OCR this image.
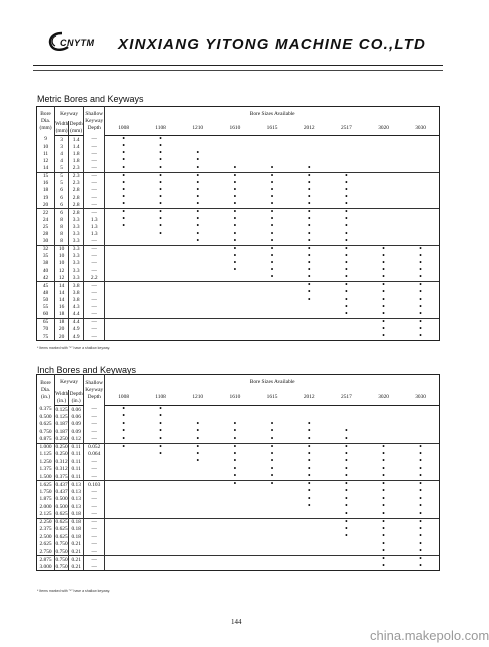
CNYTM XINXIANG YITONG MACHINE CO.,LTD
Metric Bores and Keyways
Bore Dia. (mm)	Keyway		Shallow Keyway Depth	Bore Sizes Available								
	Width (mm)	Depth (mm)		1008	1108	1210	1610	1615	2012	2517	3020	3030
9	3	1.4	—	•	•							
10	3	1.4	—	•	•							
11	4	1.8	—	•	•	•						
12	4	1.8	—	•	•	•						
14	5	2.3	—	•	•	•	•	•	•			
15	5	2.3	—	•	•	•	•	•	•	•		
16	5	2.3	—	•	•	•	•	•	•	•		
18	6	2.8	—	•	•	•	•	•	•	•		
19	6	2.8	—	•	•	•	•	•	•	•		
20	6	2.8	—	•	•	•	•	•	•	•		
22	6	2.8	—	•	•	•	•	•	•	•		
24	8	3.3	1.3	•	•	•	•	•	•	•		
25	8	3.3	1.3	•	•	•	•	•	•	•		
28	8	3.3	1.3		•	•	•	•	•	•		
30	8	3.3	—			•	•	•	•	•		
32	10	3.3	—				•	•	•	•	•	•
35	10	3.3	—				•	•	•	•	•	•
38	10	3.3	—				•	•	•	•	•	•
40	12	3.3	—				•	•	•	•	•	•
42	12	3.3	2.2					•	•	•	•	•
45	14	3.8	—						•	•	•	•
48	14	3.8	—						•	•	•	•
50	14	3.8	—						•	•	•	•
55	16	4.3	—							•	•	•
60	18	4.4	—							•	•	•
65	18	4.4	—								•	•
70	20	4.9	—								•	•
75	20	4.9	—								•	•
* Items marked with "*" have a shallow keyway.
Inch Bores and Keyways
Bore Dia. (in.)	Keyway		Shallow Keyway Depth	Bore Sizes Available								
	Width (in.)	Depth (in.)		1008	1108	1210	1610	1615	2012	2517	3020	3030
0.375	0.125	0.06	—	•	•							
0.500	0.125	0.06	—	•	•							
0.625	0.187	0.09	—	•	•	•	•	•	•			
0.750	0.187	0.09	—	•	•	•	•	•	•	•		
0.875	0.250	0.12	—	•	•	•	•	•	•	•		
1.000	0.250	0.11	0.052	•	•	•	•	•	•	•	•	•
1.125	0.250	0.11	0.064		•	•	•	•	•	•	•	•
1.250	0.312	0.11	—			•	•	•	•	•	•	•
1.375	0.312	0.11	—				•	•	•	•	•	•
1.500	0.375	0.11	—				•	•	•	•	•	•
1.625	0.437	0.13	0.103				•	•	•	•	•	•
1.750	0.437	0.13	—						•	•	•	•
1.875	0.500	0.13	—						•	•	•	•
2.000	0.500	0.13	—						•	•	•	•
2.125	0.625	0.18	—							•	•	•
2.250	0.625	0.18	—							•	•	•
2.375	0.625	0.18	—							•	•	•
2.500	0.625	0.18	—							•	•	•
2.625	0.750	0.21	—								•	•
2.750	0.750	0.21	—								•	•
2.875	0.750	0.21	—								•	•
3.000	0.750	0.21	—								•	•
* Items marked with "*" have a shallow keyway.
144
china.makepolo.com
